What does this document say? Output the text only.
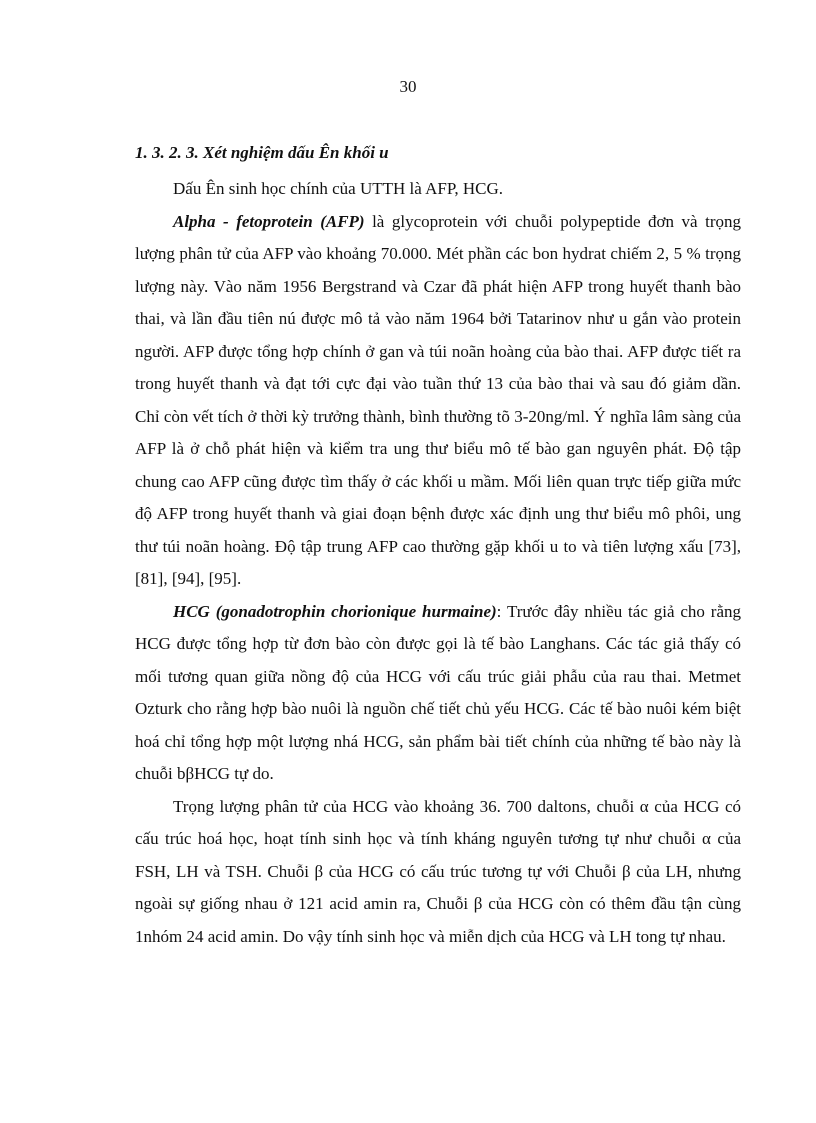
30
1. 3. 2. 3. Xét nghiệm dấu Ên khối u

Dấu Ên sinh học chính của UTTH là AFP, HCG.

Alpha - fetoprotein (AFP) là glycoprotein với chuỗi polypeptide đơn và trọng lượng phân tử của AFP vào khoảng 70.000. Mét phần các bon hydrat chiếm 2, 5 % trọng lượng này. Vào năm 1956 Bergstrand và Czar đã phát hiện AFP trong huyết thanh bào thai, và lần đầu tiên nú được mô tả vào năm 1964 bởi Tatarinov như u gắn vào protein người. AFP được tổng hợp chính ở gan và túi noãn hoàng của bào thai. AFP được tiết ra trong huyết thanh và đạt tới cực đại vào tuần thứ 13 của bào thai và sau đó giảm dần. Chỉ còn vết tích ở thời kỳ trưởng thành, bình thường tõ 3-20ng/ml. Ý nghĩa lâm sàng của AFP là ở chỗ phát hiện và kiểm tra ung thư biểu mô tế bào gan nguyên phát. Độ tập chung cao AFP cũng được tìm thấy ở các khối u mầm. Mối liên quan trực tiếp giữa mức độ AFP trong huyết thanh và giai đoạn bệnh được xác định ung thư biểu mô phôi, ung thư túi noãn hoàng. Độ tập trung AFP cao thường gặp khối u to và tiên lượng xấu [73], [81], [94], [95].

HCG (gonadotrophin chorionique hurmaine): Trước đây nhiều tác giả cho rằng HCG được tổng hợp từ đơn bào còn được gọi là tế bào Langhans. Các tác giả thấy có mối tương quan giữa nồng độ của HCG với cấu trúc giải phẫu của rau thai. Metmet Ozturk cho rằng hợp bào nuôi là nguồn chế tiết chủ yếu HCG. Các tế bào nuôi kém biệt hoá chỉ tổng hợp một lượng nhá HCG, sản phẩm bài tiết chính của những tế bào này là chuỗi bβHCG tự do.

Trọng lượng phân tử của HCG vào khoảng 36. 700 daltons, chuỗi α của HCG có cấu trúc hoá học, hoạt tính sinh học và tính kháng nguyên tương tự như chuỗi α của FSH, LH và TSH. Chuỗi β của HCG có cấu trúc tương tự với Chuỗi β của LH, nhưng ngoài sự giống nhau ở 121 acid amin ra, Chuỗi β của HCG còn có thêm đầu tận cùng 1nhóm 24 acid amin. Do vậy tính sinh học và miễn dịch của HCG và LH tong tự nhau.
